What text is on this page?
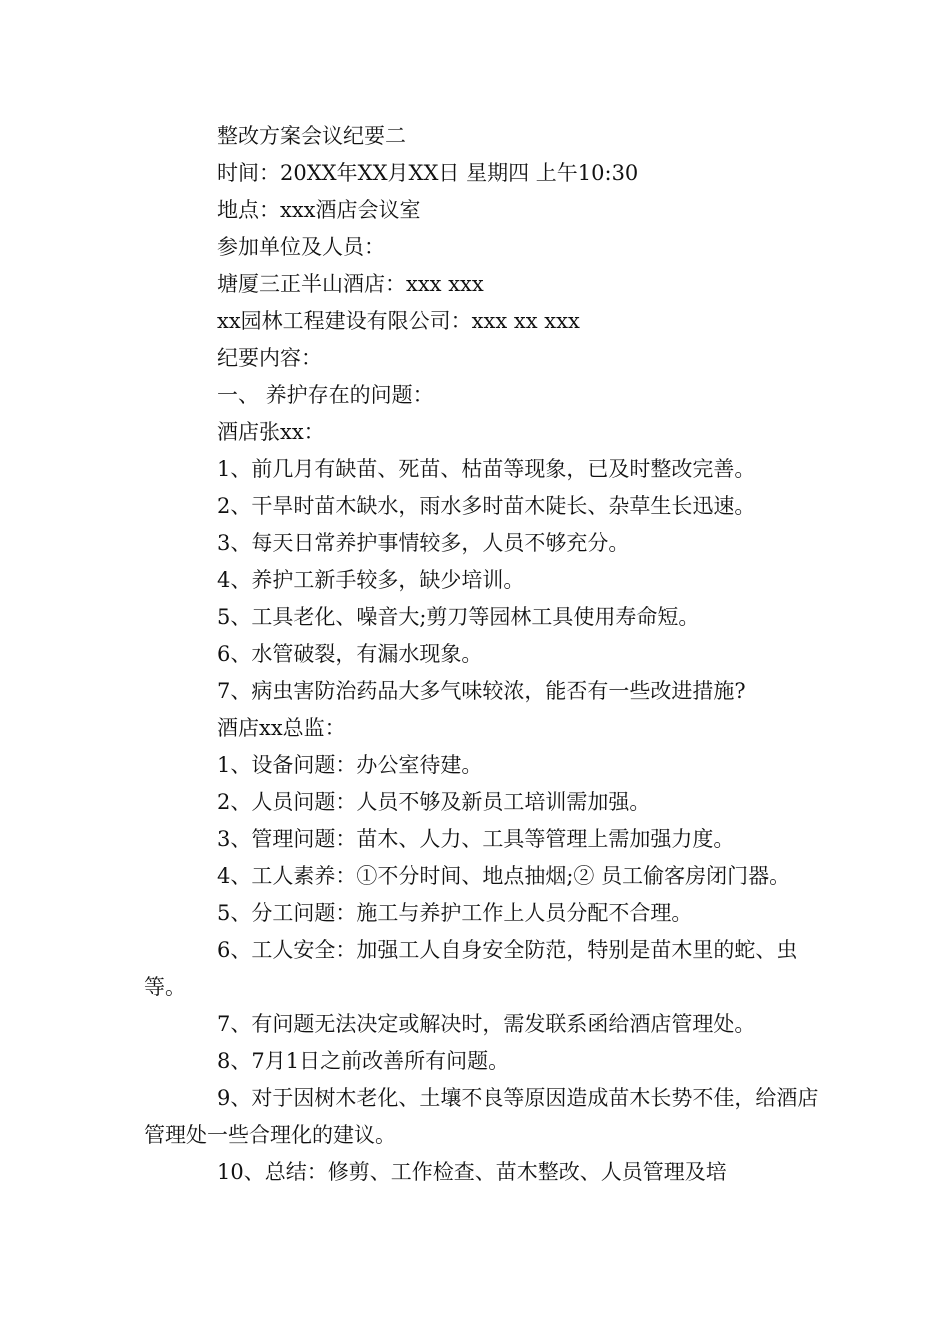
整改方案会议纪要二

时间：20XX年XX月XX日 星期四 上午10:30

地点：xxx酒店会议室

参加单位及人员：

塘厦三正半山酒店：xxx xxx

xx园林工程建设有限公司：xxx xx xxx

纪要内容：

一、 养护存在的问题：

酒店张xx：

1、前几月有缺苗、死苗、枯苗等现象，已及时整改完善。

2、干旱时苗木缺水，雨水多时苗木陡长、杂草生长迅速。

3、每天日常养护事情较多，人员不够充分。

4、养护工新手较多，缺少培训。

5、工具老化、噪音大;剪刀等园林工具使用寿命短。

6、水管破裂，有漏水现象。

7、病虫害防治药品大多气味较浓，能否有一些改进措施?

酒店xx总监：

1、设备问题：办公室待建。

2、人员问题：人员不够及新员工培训需加强。

3、管理问题：苗木、人力、工具等管理上需加强力度。

4、工人素养：①不分时间、地点抽烟;② 员工偷客房闭门器。

5、分工问题：施工与养护工作上人员分配不合理。

6、工人安全：加强工人自身安全防范，特别是苗木里的蛇、虫等。

7、有问题无法决定或解决时，需发联系函给酒店管理处。

8、7月1日之前改善所有问题。

9、对于因树木老化、土壤不良等原因造成苗木长势不佳，给酒店管理处一些合理化的建议。

10、总结：修剪、工作检查、苗木整改、人员管理及培
